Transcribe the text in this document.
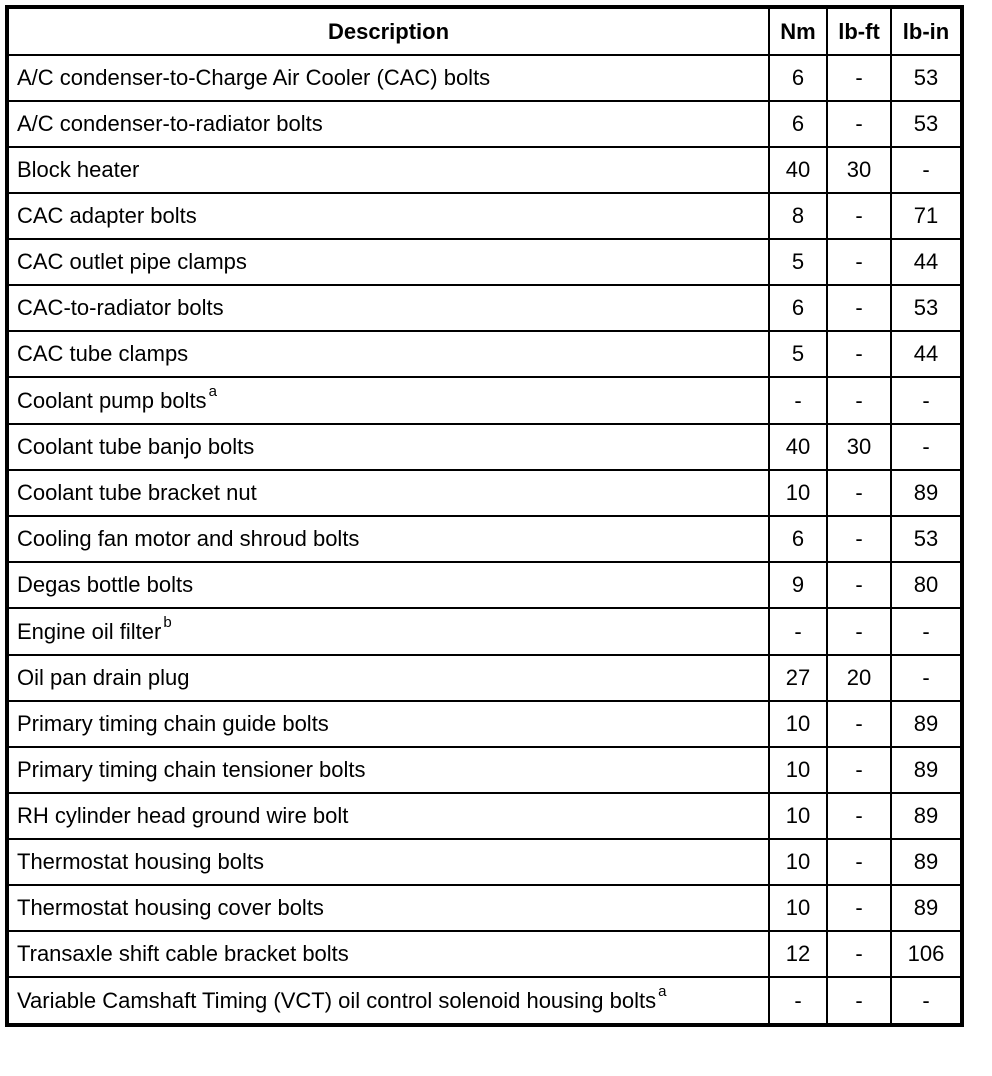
Description	Nm	lb-ft	lb-in
A/C condenser-to-Charge Air Cooler (CAC) bolts	6	-	53
A/C condenser-to-radiator bolts	6	-	53
Block heater	40	30	-
CAC adapter bolts	8	-	71
CAC outlet pipe clamps	5	-	44
CAC-to-radiator bolts	6	-	53
CAC tube clamps	5	-	44
Coolant pump bolts $^a$	-	-	-
Coolant tube banjo bolts	40	30	-
Coolant tube bracket nut	10	-	89
Cooling fan motor and shroud bolts	6	-	53
Degas bottle bolts	9	-	80
Engine oil filter $^b$	-	-	-
Oil pan drain plug	27	20	-
Primary timing chain guide bolts	10	-	89
Primary timing chain tensioner bolts	10	-	89
RH cylinder head ground wire bolt	10	-	89
Thermostat housing bolts	10	-	89
Thermostat housing cover bolts	10	-	89
Transaxle shift cable bracket bolts	12	-	106
Variable Camshaft Timing (VCT) oil control solenoid housing bolts $^a$	-	-	-
